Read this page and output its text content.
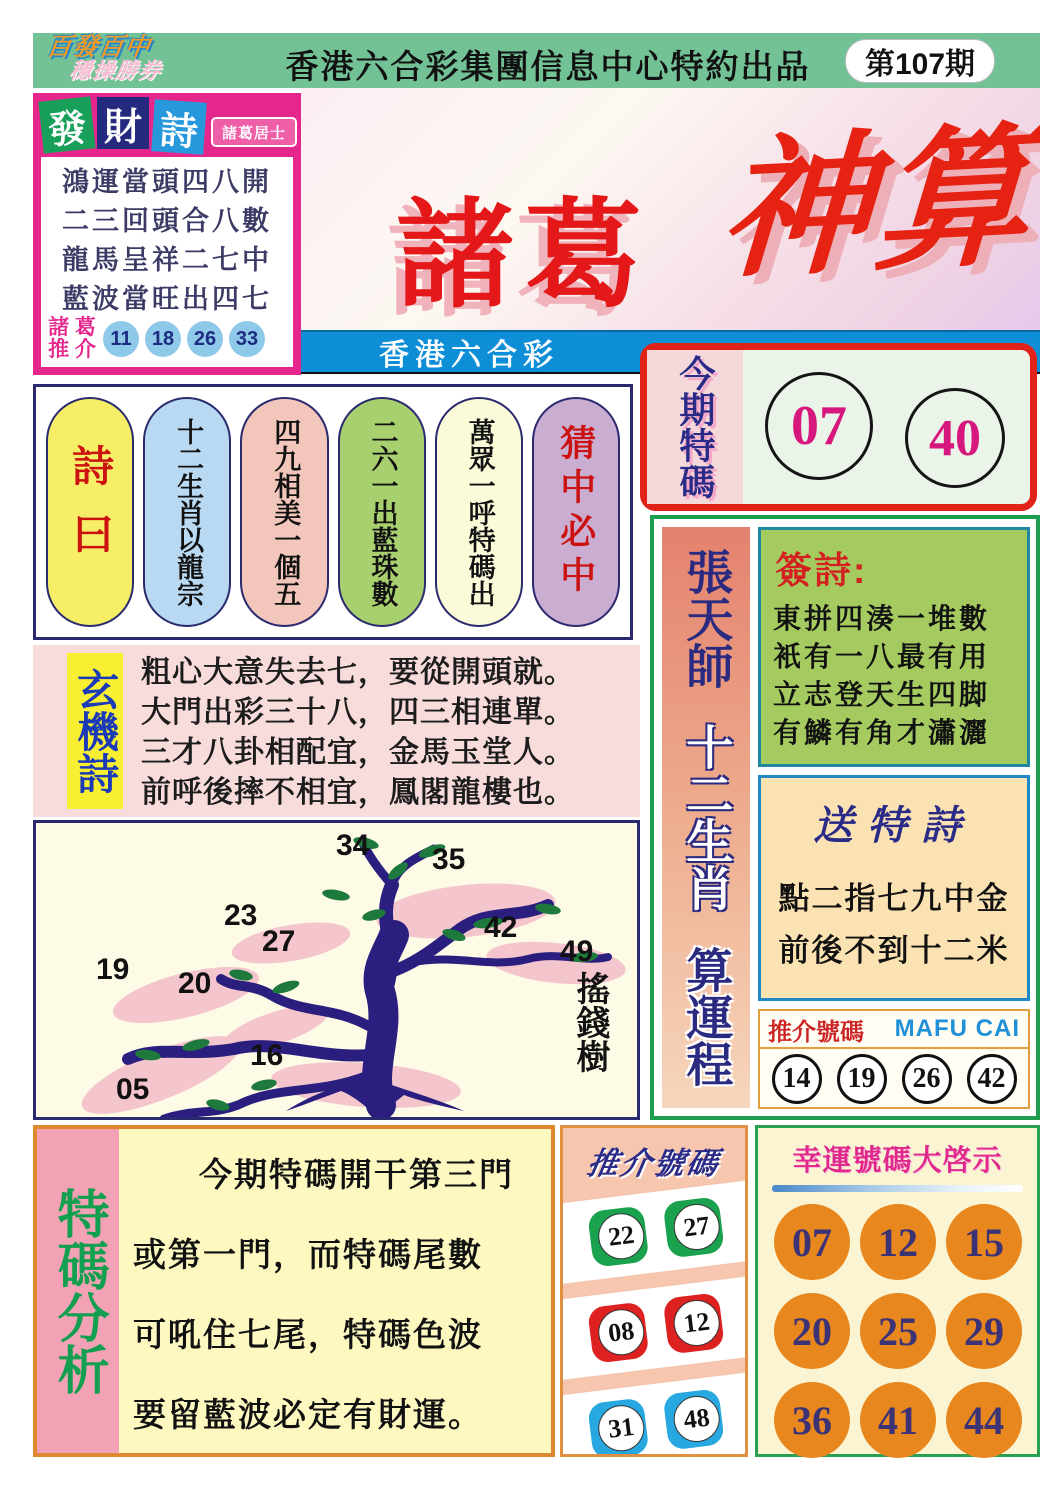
百發百中
穩操勝券	香港六合彩集團信息中心特約出品	第107期
發 財 詩	諸葛居士

鴻運當頭四八開

二三回頭合八數

龍馬呈祥二七中

藍波當旺出四七

諸 葛
推 介 11	18 26 33
諸葛 神算
香港六合彩	今期特碼	07	40
詩曰 十二生肖以龍宗 四九相美一個五 二六一出藍珠數 萬眾一呼特碼出 猜中必中
玄機詩 粗心大意失去七，要從開頭就。

大門出彩三十八，四三相連單。

三才八卦相配宜，金馬玉堂人。

前呼後摔不相宜，鳳閣龍樓也。

34 35
23
27	42
49
19 20
16
05
搖錢樹
張天師
十二生肖
算運程
簽詩:

東拼四湊一堆數

衹有一八最有用

立志登天生四脚

有鱗有角才瀟灑

送特詩

點二指七九中金

前後不到十二米

推介號碼 MAFU CAI
14	19	26	42
特碼分析

今期特碼開干第三門

或第一門，而特碼尾數

可吼住七尾，特碼色波

要留藍波必定有財運。

推介號碼
22	27
08	12
31	48
幸運號碼大啓示
07	12	15
20	25	29
36	41	44
